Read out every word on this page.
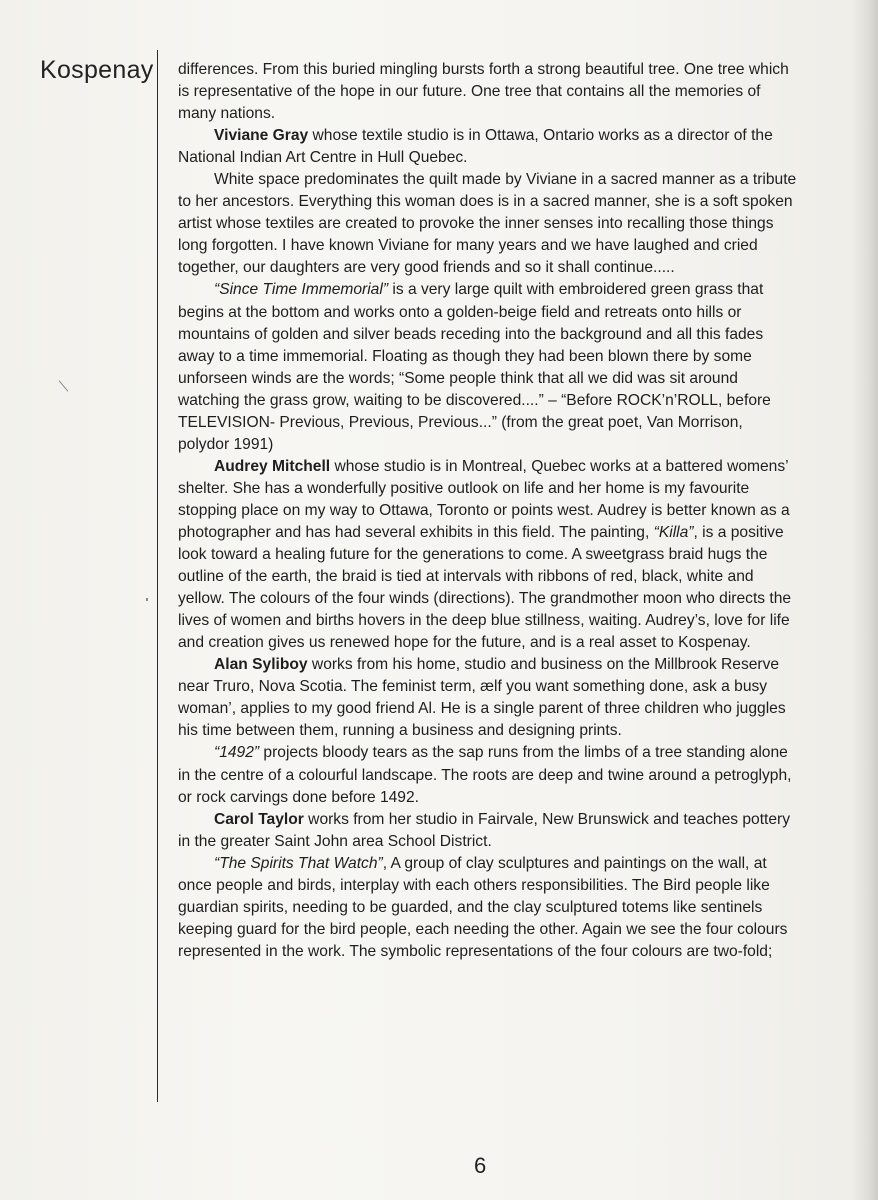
Kospenay differences. From this buried mingling bursts forth a strong beautiful tree. One tree which is representative of the hope in our future. One tree that contains all the memories of many nations.

Viviane Gray whose textile studio is in Ottawa, Ontario works as a director of the National Indian Art Centre in Hull Quebec.

White space predominates the quilt made by Viviane in a sacred manner as a tribute to her ancestors. Everything this woman does is in a sacred manner, she is a soft spoken artist whose textiles are created to provoke the inner senses into recalling those things long forgotten. I have known Viviane for many years and we have laughed and cried together, our daughters are very good friends and so it shall continue.....

“Since Time Immemorial” is a very large quilt with embroidered green grass that begins at the bottom and works onto a golden-beige field and retreats onto hills or mountains of golden and silver beads receding into the background and all this fades away to a time immemorial. Floating as though they had been blown there by some unforseen winds are the words; “Some people think that all we did was sit around watching the grass grow, waiting to be discovered....” – “Before ROCK’n’ROLL, before TELEVISION- Previous, Previous, Previous...” (from the great poet, Van Morrison, polydor 1991)

Audrey Mitchell whose studio is in Montreal, Quebec works at a battered womens’ shelter. She has a wonderfully positive outlook on life and her home is my favourite stopping place on my way to Ottawa, Toronto or points west. Audrey is better known as a photographer and has had several exhibits in this field. The painting, “Killa”, is a positive look toward a healing future for the generations to come. A sweetgrass braid hugs the outline of the earth, the braid is tied at intervals with ribbons of red, black, white and yellow. The colours of the four winds (directions). The grandmother moon who directs the lives of women and births hovers in the deep blue stillness, waiting. Audrey’s, love for life and creation gives us renewed hope for the future, and is a real asset to Kospenay.

Alan Syliboy works from his home, studio and business on the Millbrook Reserve near Truro, Nova Scotia. The feminist term, ælf you want something done, ask a busy woman’, applies to my good friend Al. He is a single parent of three children who juggles his time between them, running a business and designing prints.

“1492” projects bloody tears as the sap runs from the limbs of a tree standing alone in the centre of a colourful landscape. The roots are deep and twine around a petroglyph, or rock carvings done before 1492.

Carol Taylor works from her studio in Fairvale, New Brunswick and teaches pottery in the greater Saint John area School District.

“The Spirits That Watch”, A group of clay sculptures and paintings on the wall, at once people and birds, interplay with each others responsibilities. The Bird people like guardian spirits, needing to be guarded, and the clay sculptured totems like sentinels keeping guard for the bird people, each needing the other. Again we see the four colours represented in the work. The symbolic representations of the four colours are two-fold;

6
